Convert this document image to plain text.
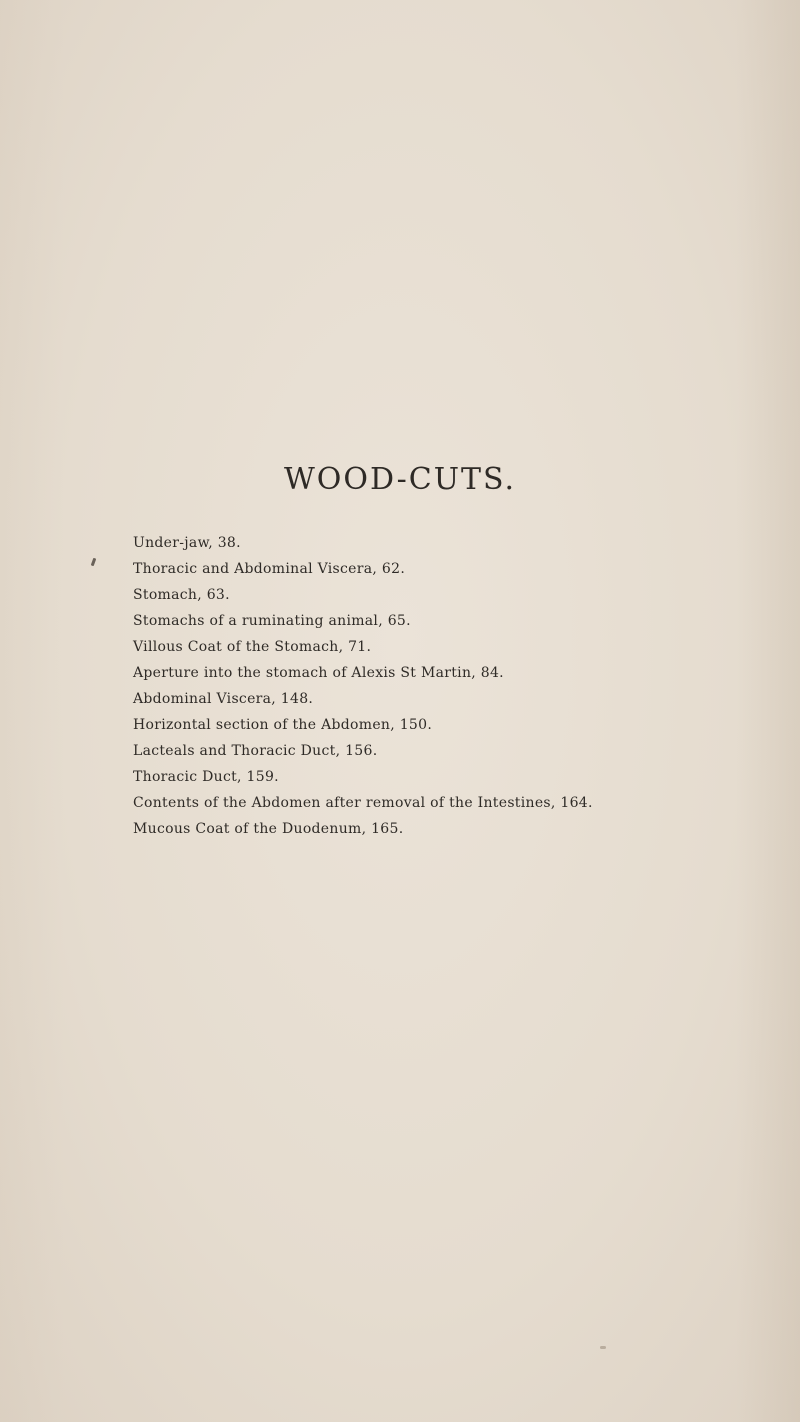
WOOD-CUTS.
Under-jaw, 38.
Thoracic and Abdominal Viscera, 62.
Stomach, 63.
Stomachs of a ruminating animal, 65.
Villous Coat of the Stomach, 71.
Aperture into the stomach of Alexis St Martin, 84.
Abdominal Viscera, 148.
Horizontal section of the Abdomen, 150.
Lacteals and Thoracic Duct, 156.
Thoracic Duct, 159.
Contents of the Abdomen after removal of the Intestines, 164.
Mucous Coat of the Duodenum, 165.
